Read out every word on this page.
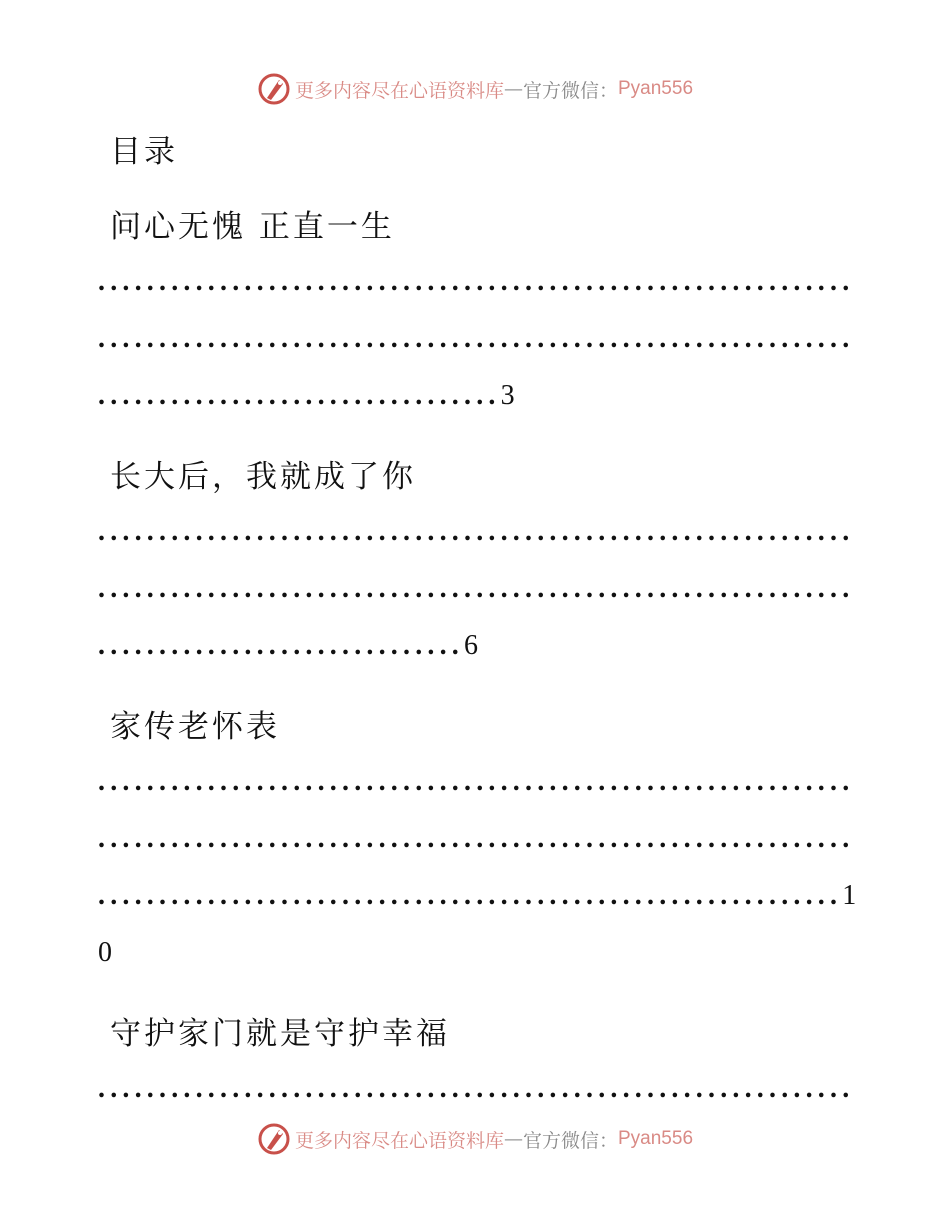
更多内容尽在心语资料库 — 官方微信： Pyan556
目录
问心无愧 正直一生
..............................................................
..............................................................
.................................3
长大后，我就成了你
..............................................................
..............................................................
..............................6
家传老怀表
..............................................................
..............................................................
.............................................................1
0
守护家门就是守护幸福
..............................................................
更多内容尽在心语资料库 — 官方微信： Pyan556
